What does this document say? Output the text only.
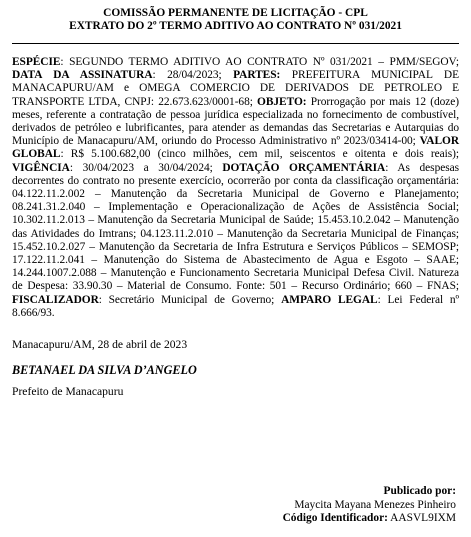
COMISSÃO PERMANENTE DE LICITAÇÃO - CPL
EXTRATO DO 2º TERMO ADITIVO AO CONTRATO Nº 031/2021

ESPÉCIE: SEGUNDO TERMO ADITIVO AO CONTRATO Nº 031/2021 – PMM/SEGOV; DATA DA ASSINATURA: 28/04/2023; PARTES: PREFEITURA MUNICIPAL DE MANACAPURU/AM e OMEGA COMERCIO DE DERIVADOS DE PETROLEO E TRANSPORTE LTDA, CNPJ: 22.673.623/0001-68; OBJETO: Prorrogação por mais 12 (doze) meses, referente a contratação de pessoa jurídica especializada no fornecimento de combustível, derivados de petróleo e lubrificantes, para atender as demandas das Secretarias e Autarquias do Município de Manacapuru/AM, oriundo do Processo Administrativo nº 2023/03414-00; VALOR GLOBAL: R$ 5.100.682,00 (cinco milhões, cem mil, seiscentos e oitenta e dois reais); VIGÊNCIA: 30/04/2023 a 30/04/2024; DOTAÇÃO ORÇAMENTÁRIA: As despesas decorrentes do contrato no presente exercício, ocorrerão por conta da classificação orçamentária: 04.122.11.2.002 – Manutenção da Secretaria Municipal de Governo e Planejamento; 08.241.31.2.040 – Implementação e Operacionalização de Ações de Assistência Social; 10.302.11.2.013 – Manutenção da Secretaria Municipal de Saúde; 15.453.10.2.042 – Manutenção das Atividades do Imtrans; 04.123.11.2.010 – Manutenção da Secretaria Municipal de Finanças; 15.452.10.2.027 – Manutenção da Secretaria de Infra Estrutura e Serviços Públicos – SEMOSP; 17.122.11.2.041 – Manutenção do Sistema de Abastecimento de Agua e Esgoto – SAAE; 14.244.1007.2.088 – Manutenção e Funcionamento Secretaria Municipal Defesa Civil. Natureza de Despesa: 33.90.30 – Material de Consumo. Fonte: 501 – Recurso Ordinário; 660 – FNAS; FISCALIZADOR: Secretário Municipal de Governo; AMPARO LEGAL: Lei Federal nº 8.666/93.

Manacapuru/AM, 28 de abril de 2023
BETANAEL DA SILVA D’ANGELO
Prefeito de Manacapuru
Publicado por:
Maycita Mayana Menezes Pinheiro
Código Identificador: AASVL9IXM
